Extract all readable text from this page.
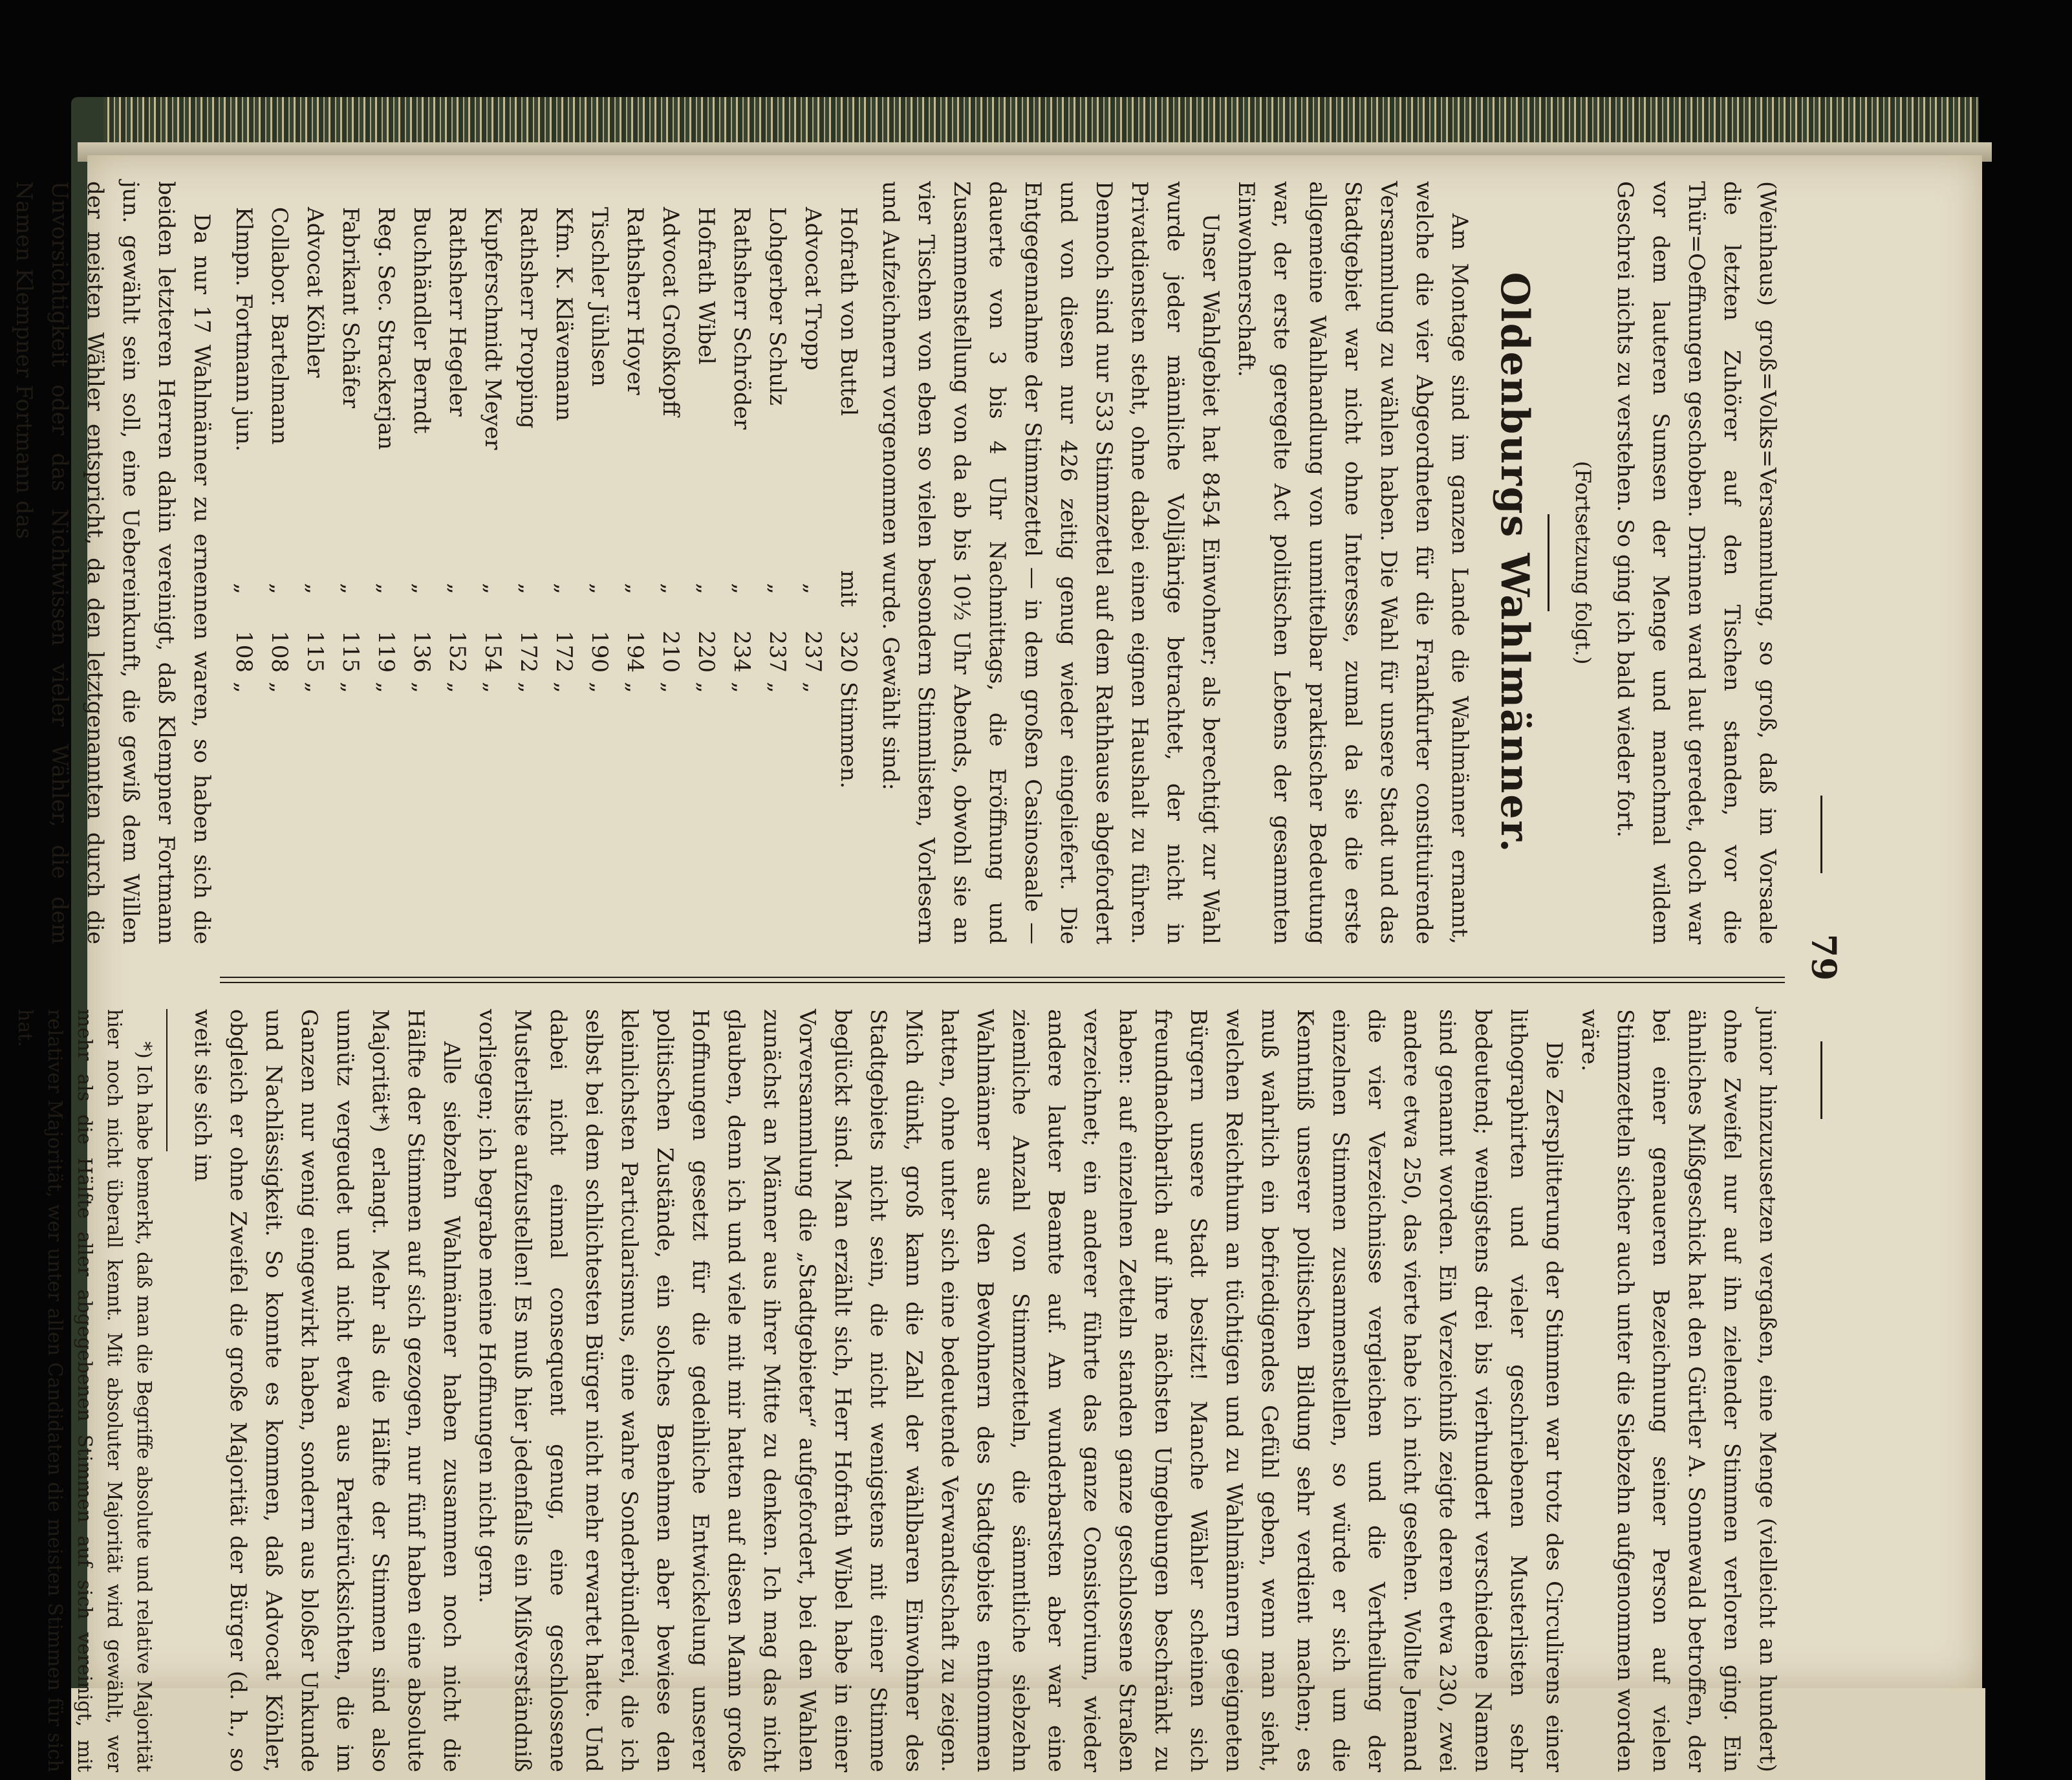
79

(Weinhaus) groß=Volks=Versammlung, so groß, daß im Vorsaale die letzten Zuhörer auf den Tischen standen, vor die Thür=Oeffnungen geschoben. Drinnen ward laut geredet, doch war vor dem lauteren Sumsen der Menge und manchmal wildem Geschrei nichts zu verstehen. So ging ich bald wieder fort.

(Fortsetzung folgt.)
Oldenburgs Wahlmänner.

Am Montage sind im ganzen Lande die Wahlmänner ernannt, welche die vier Abgeordneten für die Frankfurter constituirende Versammlung zu wählen haben. Die Wahl für unsere Stadt und das Stadtgebiet war nicht ohne Interesse, zumal da sie die erste allgemeine Wahlhandlung von unmittelbar praktischer Bedeutung war, der erste geregelte Act politischen Lebens der gesammten Einwohnerschaft.

Unser Wahlgebiet hat 8454 Einwohner; als berechtigt zur Wahl wurde jeder männliche Volljährige betrachtet, der nicht in Privatdiensten steht, ohne dabei einen eignen Haushalt zu führen. Dennoch sind nur 533 Stimmzettel auf dem Rathhause abgefordert und von diesen nur 426 zeitig genug wieder eingeliefert. Die Entgegennahme der Stimmzettel — in dem großen Casinosaale — dauerte von 3 bis 4 Uhr Nachmittags, die Eröffnung und Zusammenstellung von da ab bis 10½ Uhr Abends, obwohl sie an vier Tischen von eben so vielen besondern Stimmlisten, Vorlesern und Aufzeichnern vorgenommen wurde. Gewählt sind:

Hofrath von Buttel
mit
320
Stimmen.
Advocat Tropp
„
237
„
Lohgerber Schulz
„
237
„
Rathsherr Schröder
„
234
„
Hofrath Wibel
„
220
„
Advocat Großkopff
„
210
„
Rathsherr Hoyer
„
194
„
Tischler Jühlsen
„
190
„
Kfm. K. Klävemann
„
172
„
Rathsherr Propping
„
172
„
Kupferschmidt Meyer
„
154
„
Rathsherr Hegeler
„
152
„
Buchhändler Berndt
„
136
„
Reg. Sec. Strackerjan
„
119
„
Fabrikant Schäfer
„
115
„
Advocat Köhler
„
115
„
Collabor. Bartelmann
„
108
„
Klmpn. Fortmann jun.
„
108
„

Da nur 17 Wahlmänner zu ernennen waren, so haben sich die beiden letzteren Herren dahin vereinigt, daß Klempner Fortmann jun. gewählt sein soll, eine Uebereinkunft, die gewiß dem Willen der meisten Wähler entspricht, da den letztgenannten durch die Unvorsichtigkeit oder das Nichtwissen vieler Wähler, die dem Namen Klempner Fortmann das

junior hinzuzusetzen vergaßen, eine Menge (vielleicht an hundert) ohne Zweifel nur auf ihn zielender Stimmen verloren ging. Ein ähnliches Mißgeschick hat den Gürtler A. Sonnewald betroffen, der bei einer genaueren Bezeichnung seiner Person auf vielen Stimmzetteln sicher auch unter die Siebzehn aufgenommen worden wäre.

Die Zersplitterung der Stimmen war trotz des Circulirens einer lithographirten und vieler geschriebenen Musterlisten sehr bedeutend; wenigstens drei bis vierhundert verschiedene Namen sind genannt worden. Ein Verzeichniß zeigte deren etwa 230, zwei andere etwa 250, das vierte habe ich nicht gesehen. Wollte Jemand die vier Verzeichnisse vergleichen und die Vertheilung der einzelnen Stimmen zusammenstellen, so würde er sich um die Kenntniß unserer politischen Bildung sehr verdient machen; es muß wahrlich ein befriedigendes Gefühl geben, wenn man sieht, welchen Reichthum an tüchtigen und zu Wahlmännern geeigneten Bürgern unsere Stadt besitzt! Manche Wähler scheinen sich freundnachbarlich auf ihre nächsten Umgebungen beschränkt zu haben: auf einzelnen Zetteln standen ganze geschlossene Straßen verzeichnet; ein anderer führte das ganze Consistorium, wieder andere lauter Beamte auf. Am wunderbarsten aber war eine ziemliche Anzahl von Stimmzetteln, die sämmtliche siebzehn Wahlmänner aus den Bewohnern des Stadtgebiets entnommen hatten, ohne unter sich eine bedeutende Verwandtschaft zu zeigen. Mich dünkt, groß kann die Zahl der wählbaren Einwohner des Stadtgebiets nicht sein, die nicht wenigstens mit einer Stimme beglückt sind. Man erzählt sich, Herr Hofrath Wibel habe in einer Vorversammlung die „Stadtgebieter“ aufgefordert, bei den Wahlen zunächst an Männer aus ihrer Mitte zu denken. Ich mag das nicht glauben, denn ich und viele mit mir hatten auf diesen Mann große Hoffnungen gesetzt für die gedeihliche Entwickelung unserer politischen Zustände, ein solches Benehmen aber bewiese den kleinlichsten Particularismus, eine wahre Sonderbündlerei, die ich selbst bei dem schlichtesten Bürger nicht mehr erwartet hatte. Und dabei nicht einmal consequent genug, eine geschlossene Musterliste aufzustellen! Es muß hier jedenfalls ein Mißverständniß vorliegen; ich begrabe meine Hoffnungen nicht gern.

Alle siebzehn Wahlmänner haben zusammen noch nicht die Hälfte der Stimmen auf sich gezogen, nur fünf haben eine absolute Majorität*) erlangt. Mehr als die Hälfte der Stimmen sind also unnütz vergeudet und nicht etwa aus Parteirücksichten, die im Ganzen nur wenig eingewirkt haben, sondern aus bloßer Unkunde und Nachlässigkeit. So konnte es kommen, daß Advocat Köhler, obgleich er ohne Zweifel die große Majorität der Bürger (d. h., so weit sie sich im

*) Ich habe bemerkt, daß man die Begriffe absolute und relative Majorität hier noch nicht überall kennt. Mit absoluter Majorität wird gewählt, wer mehr als die Hälfte aller abgegebenen Stimmen auf sich vereinigt, mit relativer Majorität, wer unter allen Candidaten die meisten Stimmen für sich hat.
